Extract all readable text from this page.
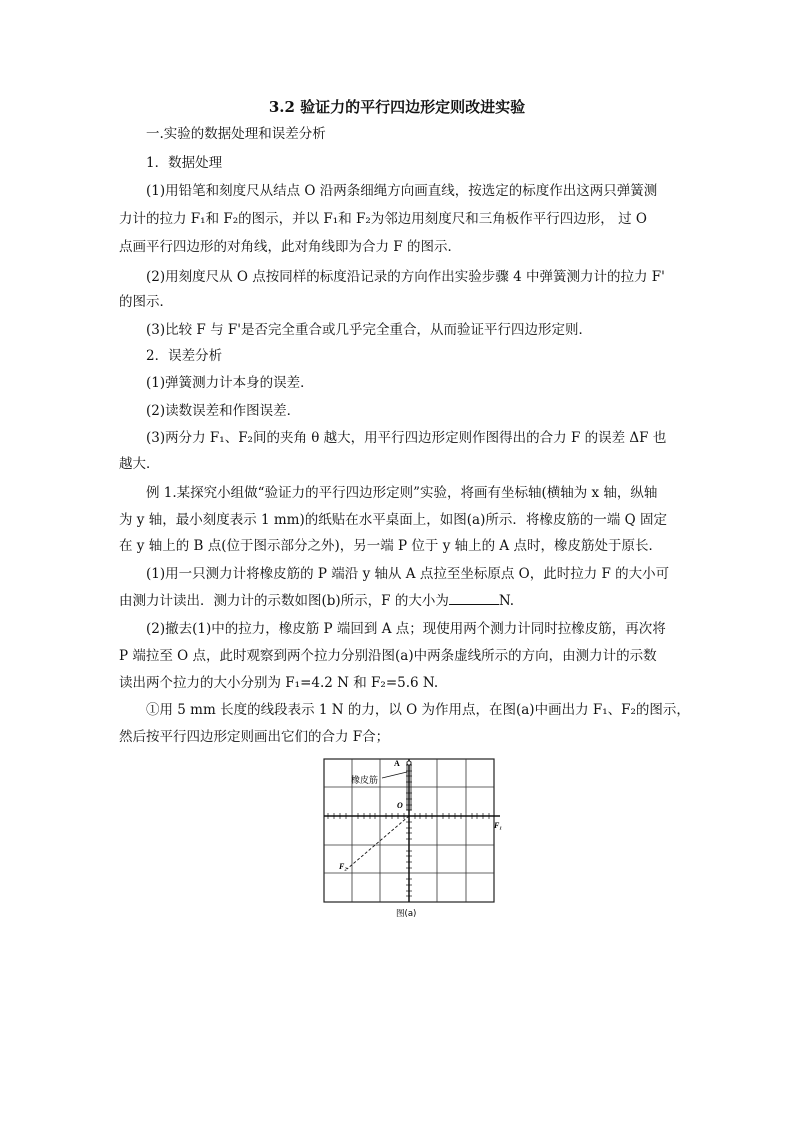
3.2 验证力的平行四边形定则改进实验
一.实验的数据处理和误差分析
1．数据处理
(1)用铅笔和刻度尺从结点 O 沿两条细绳方向画直线，按选定的标度作出这两只弹簧测
力计的拉力 F₁和 F₂的图示，并以 F₁和 F₂为邻边用刻度尺和三角板作平行四边形， 过 O
点画平行四边形的对角线，此对角线即为合力 F 的图示．
(2)用刻度尺从 O 点按同样的标度沿记录的方向作出实验步骤 4 中弹簧测力计的拉力 F'
的图示．
(3)比较 F 与 F'是否完全重合或几乎完全重合，从而验证平行四边形定则．
2．误差分析
(1)弹簧测力计本身的误差．
(2)读数误差和作图误差．
(3)两分力 F₁、F₂间的夹角 θ 越大，用平行四边形定则作图得出的合力 F 的误差 ΔF 也
越大．
例 1.某探究小组做“验证力的平行四边形定则”实验，将画有坐标轴(横轴为 x 轴，纵轴
为 y 轴，最小刻度表示 1 mm)的纸贴在水平桌面上，如图(a)所示．将橡皮筋的一端 Q 固定
在 y 轴上的 B 点(位于图示部分之外)，另一端 P 位于 y 轴上的 A 点时，橡皮筋处于原长．
(1)用一只测力计将橡皮筋的 P 端沿 y 轴从 A 点拉至坐标原点 O，此时拉力 F 的大小可
由测力计读出．测力计的示数如图(b)所示，F 的大小为	N.
(2)撤去(1)中的拉力，橡皮筋 P 端回到 A 点；现使用两个测力计同时拉橡皮筋，再次将
P 端拉至 O 点，此时观察到两个拉力分别沿图(a)中两条虚线所示的方向，由测力计的示数
读出两个拉力的大小分别为 F₁=4.2 N 和 F₂=5.6 N.
①用 5 mm 长度的线段表示 1 N 的力，以 O 为作用点，在图(a)中画出力 F₁、F₂的图示，
然后按平行四边形定则画出它们的合力 F合；
A
橡皮筋
O
F₁
F₂
图(a)
